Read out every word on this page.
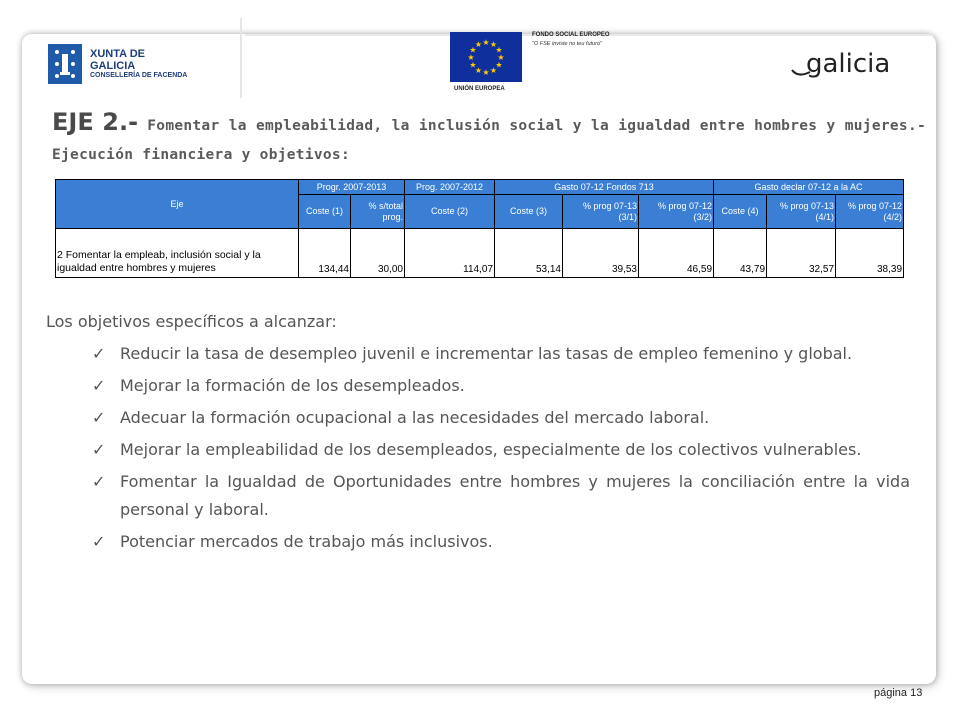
XUNTA DE GALICIA
CONSELLERÍA DE FACENDA
★ ★
★
★
★
★
★
★
★
★
★
★
UNIÓN EUROPEA
FONDO SOCIAL EUROPEO
"O FSE inviste no teu futuro"
galicia
EJE 2.- Fomentar la empleabilidad, la inclusión social y la igualdad entre hombres y mujeres.- Ejecución financiera y objetivos:
Eje	Progr. 2007-2013		Prog. 2007-2012	Gasto 07-12 Fondos 713			Gasto declar 07-12 a la AC		
	Coste (1)	% s/total prog.	Coste (2)	Coste (3)	% prog 07-13 (3/1)	% prog 07-12 (3/2)	Coste (4)	% prog 07-13 (4/1)	% prog 07-12 (4/2)
2 Fomentar la empleab, inclusión social y la igualdad entre hombres y mujeres	134,44	30,00	114,07	53,14	39,53	46,59	43,79	32,57	38,39
Los objetivos específicos a alcanzar:
✓ Reducir la tasa de desempleo juvenil e incrementar las tasas de empleo femenino y global.
✓ Mejorar la formación de los desempleados.
✓ Adecuar la formación ocupacional a las necesidades del mercado laboral.
✓ Mejorar la empleabilidad de los desempleados, especialmente de los colectivos vulnerables.
✓ Fomentar la Igualdad de Oportunidades entre hombres y mujeres la conciliación entre la vida personal y laboral.
✓ Potenciar mercados de trabajo más inclusivos.
página 13
